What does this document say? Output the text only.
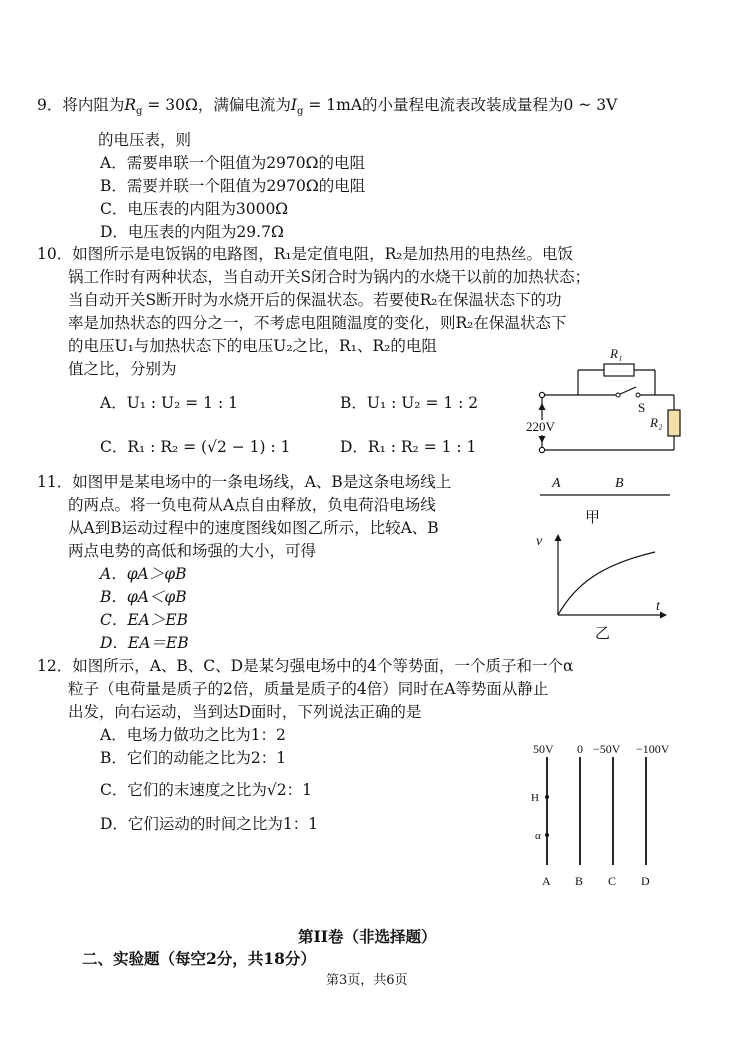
9．将内阻为$R_g = 30\Omega$，满偏电流为$I_g = 1mA$的小量程电流表改装成量程为0 ~ 3V
的电压表，则
A．需要串联一个阻值为2970Ω的电阻
B．需要并联一个阻值为2970Ω的电阻
C．电压表的内阻为3000Ω
D．电压表的内阻为29.7Ω
10．如图所示是电饭锅的电路图，R₁是定值电阻，R₂是加热用的电热丝。电饭
锅工作时有两种状态，当自动开关S闭合时为锅内的水烧干以前的加热状态；
当自动开关S断开时为水烧开后的保温状态。若要使R₂在保温状态下的功
率是加热状态的四分之一，不考虑电阻随温度的变化，则R₂在保温状态下
的电压U₁与加热状态下的电压U₂之比，R₁、R₂的电阻
值之比，分别为
A．U₁ : U₂ = 1 : 1	B．U₁ : U₂ = 1 : 2
C．R₁ : R₂ = (√2 − 1) : 1	D．R₁ : R₂ = 1 : 1
R₁
S
R₂
220V
11．如图甲是某电场中的一条电场线，A、B是这条电场线上
的两点。将一负电荷从A点自由释放，负电荷沿电场线
从A到B运动过程中的速度图线如图乙所示，比较A、B
两点电势的高低和场强的大小，可得
A．φA＞φB
B．φA＜φB
C．EA＞EB
D．EA＝EB
A	B
甲
v
t
乙
12．如图所示，A、B、C、D是某匀强电场中的4个等势面，一个质子和一个α
粒子（电荷量是质子的2倍，质量是质子的4倍）同时在A等势面从静止
出发，向右运动，当到达D面时，下列说法正确的是
A．电场力做功之比为1：2
B．它们的动能之比为2：1
C．它们的末速度之比为√2：1
D．它们运动的时间之比为1：1
50V 0 −50V −100V
H
α
A B C D
第II卷（非选择题）
二、实验题（每空2分，共18分）
第3页，共6页
